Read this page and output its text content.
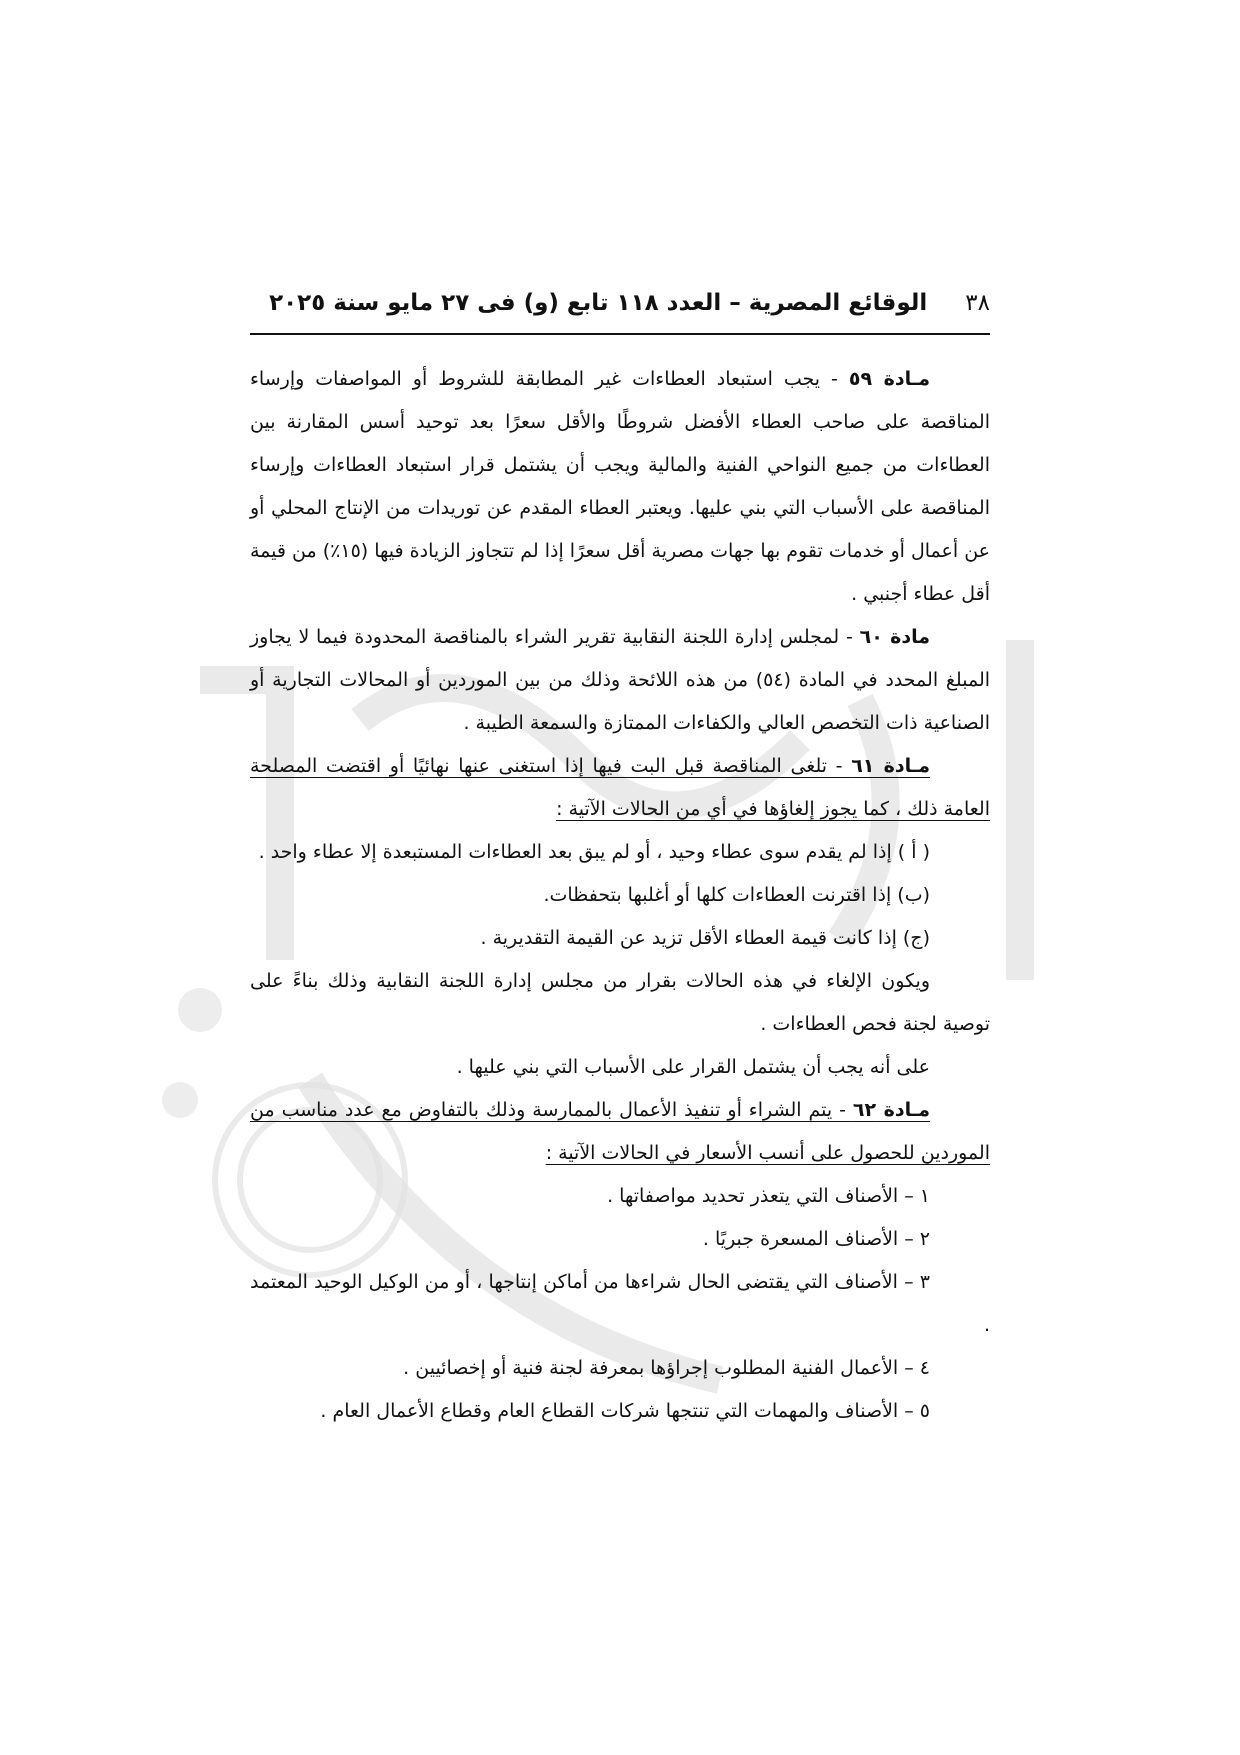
٣٨
الوقائع المصرية – العدد ١١٨ تابع (و) فى ٢٧ مايو سنة ٢٠٢٥

مـادة ٥٩ - يجب استبعاد العطاءات غير المطابقة للشروط أو المواصفات وإرساء المناقصة على صاحب العطاء الأفضل شروطًا والأقل سعرًا بعد توحيد أسس المقارنة بين العطاءات من جميع النواحي الفنية والمالية ويجب أن يشتمل قرار استبعاد العطاءات وإرساء المناقصة على الأسباب التي بني عليها. ويعتبر العطاء المقدم عن توريدات من الإنتاج المحلي أو عن أعمال أو خدمات تقوم بها جهات مصرية أقل سعرًا إذا لم تتجاوز الزيادة فيها (١٥٪) من قيمة أقل عطاء أجنبي .

مادة ٦٠ - لمجلس إدارة اللجنة النقابية تقرير الشراء بالمناقصة المحدودة فيما لا يجاوز المبلغ المحدد في المادة (٥٤) من هذه اللائحة وذلك من بين الموردين أو المحالات التجارية أو الصناعية ذات التخصص العالي والكفاءات الممتازة والسمعة الطيبة .

مـادة ٦١ - تلغى المناقصة قبل البت فيها إذا استغنى عنها نهائيًا أو اقتضت المصلحة العامة ذلك ، كما يجوز إلغاؤها في أي من الحالات الآتية :

( أ ) إذا لم يقدم سوى عطاء وحيد ، أو لم يبق بعد العطاءات المستبعدة إلا عطاء واحد .

(ب) إذا اقترنت العطاءات كلها أو أغلبها بتحفظات.

(ج) إذا كانت قيمة العطاء الأقل تزيد عن القيمة التقديرية .

ويكون الإلغاء في هذه الحالات بقرار من مجلس إدارة اللجنة النقابية وذلك بناءً على توصية لجنة فحص العطاءات .

على أنه يجب أن يشتمل القرار على الأسباب التي بني عليها .

مـادة ٦٢ - يتم الشراء أو تنفيذ الأعمال بالممارسة وذلك بالتفاوض مع عدد مناسب من الموردين للحصول على أنسب الأسعار في الحالات الآتية :

١ – الأصناف التي يتعذر تحديد مواصفاتها .

٢ – الأصناف المسعرة جبريًا .

٣ – الأصناف التي يقتضى الحال شراءها من أماكن إنتاجها ، أو من الوكيل الوحيد المعتمد .

٤ – الأعمال الفنية المطلوب إجراؤها بمعرفة لجنة فنية أو إخصائيين .

٥ – الأصناف والمهمات التي تنتجها شركات القطاع العام وقطاع الأعمال العام .
